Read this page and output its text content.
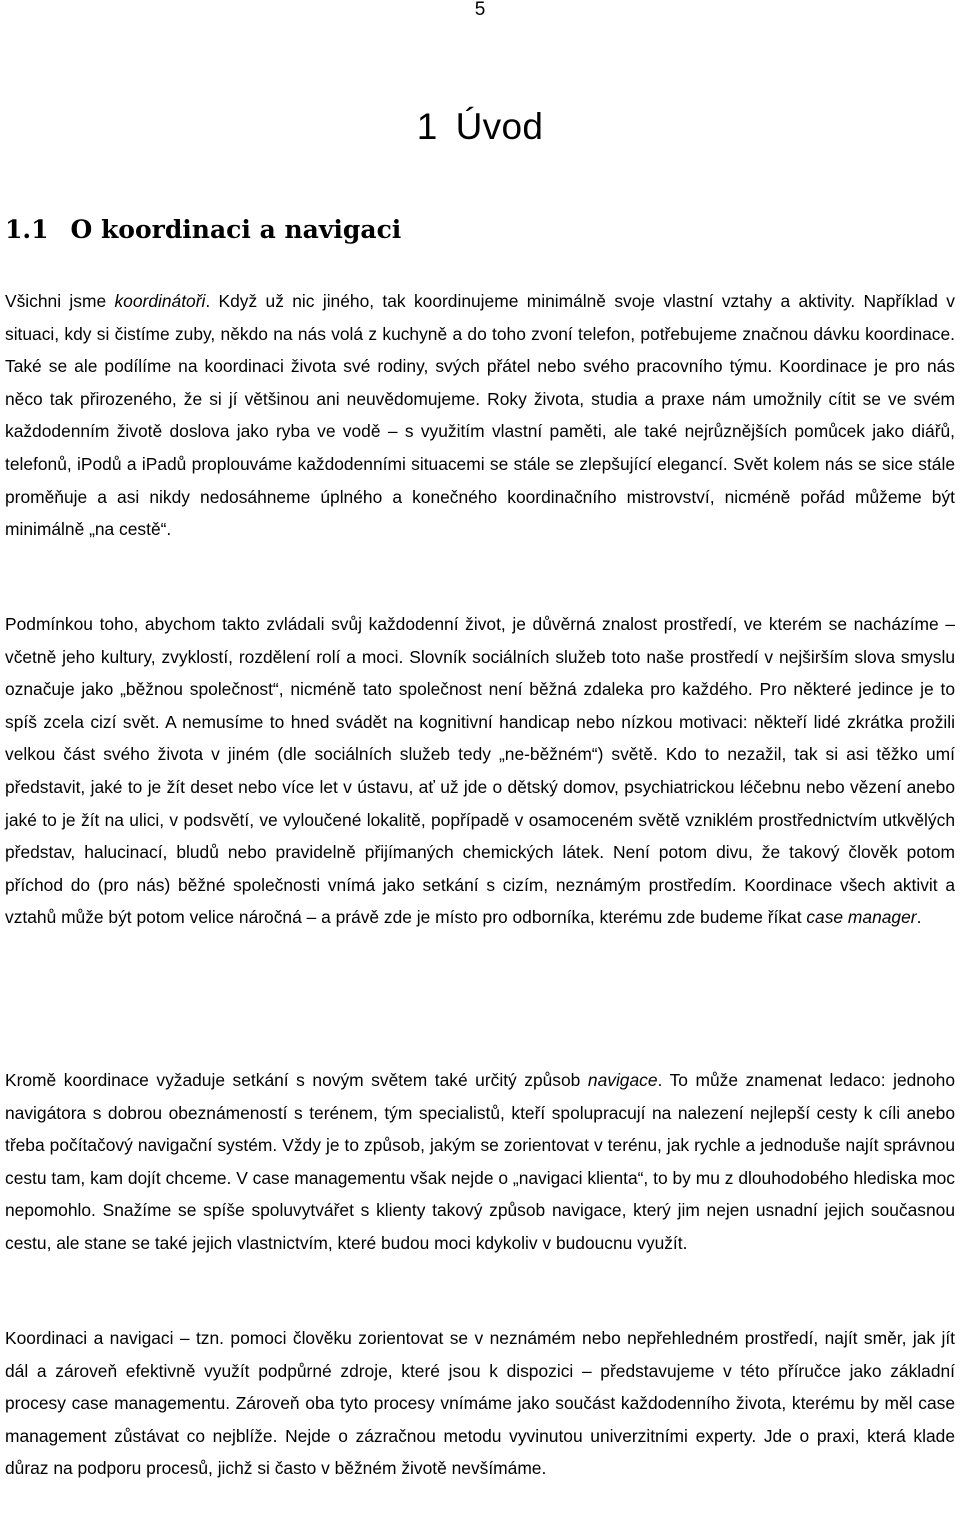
5
1 Úvod
1.1 O koordinaci a navigaci

Všichni jsme koordinátoři. Když už nic jiného, tak koordinujeme minimálně svoje vlastní vztahy a aktivity. Například v situaci, kdy si čistíme zuby, někdo na nás volá z kuchyně a do toho zvoní telefon, potřebujeme značnou dávku koordinace. Také se ale podílíme na koordinaci života své rodiny, svých přátel nebo svého pracovního týmu. Koordinace je pro nás něco tak přirozeného, že si jí většinou ani neuvědomujeme. Roky života, studia a praxe nám umožnily cítit se ve svém každodenním životě doslova jako ryba ve vodě – s využitím vlastní paměti, ale také nejrůznějších pomůcek jako diářů, telefonů, iPodů a iPadů proplouváme každodenními situacemi se stále se zlepšující elegancí. Svět kolem nás se sice stále proměňuje a asi nikdy nedosáhneme úplného a konečného koordinačního mistrovství, nicméně pořád můžeme být minimálně „na cestě“.

Podmínkou toho, abychom takto zvládali svůj každodenní život, je důvěrná znalost prostředí, ve kterém se nacházíme – včetně jeho kultury, zvyklostí, rozdělení rolí a moci. Slovník sociálních služeb toto naše prostředí v nejširším slova smyslu označuje jako „běžnou společnost“, nicméně tato společnost není běžná zdaleka pro každého. Pro některé jedince je to spíš zcela cizí svět. A nemusíme to hned svádět na kognitivní handicap nebo nízkou motivaci: někteří lidé zkrátka prožili velkou část svého života v jiném (dle sociálních služeb tedy „ne-běžném“) světě. Kdo to nezažil, tak si asi těžko umí představit, jaké to je žít deset nebo více let v ústavu, ať už jde o dětský domov, psychiatrickou léčebnu nebo vězení anebo jaké to je žít na ulici, v podsvětí, ve vyloučené lokalitě, popřípadě v osamoceném světě vzniklém prostřednictvím utkvělých představ, halucinací, bludů nebo pravidelně přijímaných chemických látek. Není potom divu, že takový člověk potom příchod do (pro nás) běžné společnosti vnímá jako setkání s cizím, neznámým prostředím. Koordinace všech aktivit a vztahů může být potom velice náročná – a právě zde je místo pro odborníka, kterému zde budeme říkat case manager.

Kromě koordinace vyžaduje setkání s novým světem také určitý způsob navigace. To může znamenat ledaco: jednoho navigátora s dobrou obeznámeností s terénem, tým specialistů, kteří spolupracují na nalezení nejlepší cesty k cíli anebo třeba počítačový navigační systém. Vždy je to způsob, jakým se zorientovat v terénu, jak rychle a jednoduše najít správnou cestu tam, kam dojít chceme. V case managementu však nejde o „navigaci klienta“, to by mu z dlouhodobého hlediska moc nepomohlo. Snažíme se spíše spoluvytvářet s klienty takový způsob navigace, který jim nejen usnadní jejich současnou cestu, ale stane se také jejich vlastnictvím, které budou moci kdykoliv v budoucnu využít.

Koordinaci a navigaci – tzn. pomoci člověku zorientovat se v neznámém nebo nepřehledném prostředí, najít směr, jak jít dál a zároveň efektivně využít podpůrné zdroje, které jsou k dispozici – představujeme v této příručce jako základní procesy case managementu. Zároveň oba tyto procesy vnímáme jako součást každodenního života, kterému by měl case management zůstávat co nejblíže. Nejde o zázračnou metodu vyvinutou univerzitními experty. Jde o praxi, která klade důraz na podporu procesů, jichž si často v běžném životě nevšímáme.
